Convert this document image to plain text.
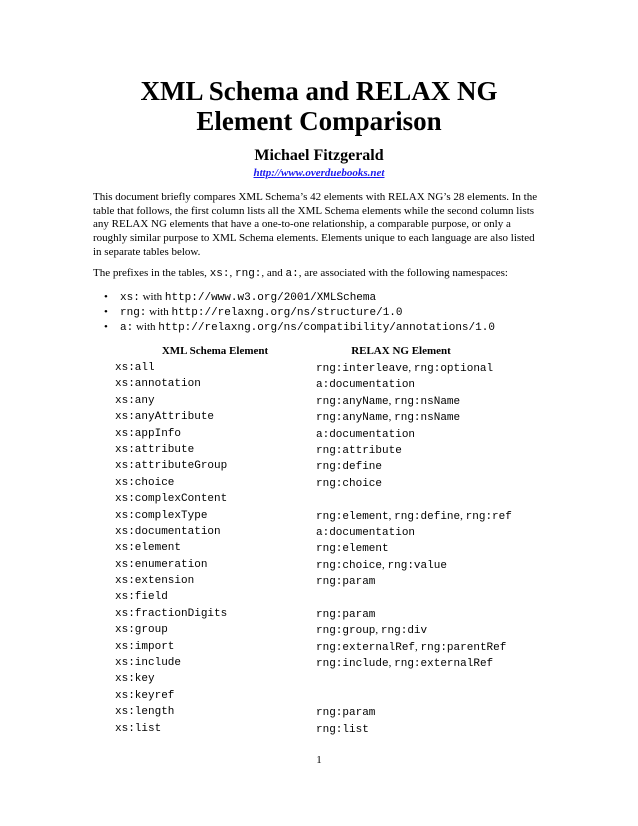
XML Schema and RELAX NG
Element Comparison
Michael Fitzgerald
http://www.overduebooks.net
This document briefly compares XML Schema’s 42 elements with RELAX NG’s 28 elements. In the table that follows, the first column lists all the XML Schema elements while the second column lists any RELAX NG elements that have a one-to-one relationship, a comparable purpose, or only a roughly similar purpose to XML Schema elements. Elements unique to each language are also listed in separate tables below.
The prefixes in the tables, xs:, rng:, and a:, are associated with the following namespaces:
• xs: with http://www.w3.org/2001/XMLSchema
• rng: with http://relaxng.org/ns/structure/1.0
• a: with http://relaxng.org/ns/compatibility/annotations/1.0
XML Schema Element	RELAX NG Element
xs:all	rng:interleave, rng:optional
xs:annotation	a:documentation
xs:any	rng:anyName, rng:nsName
xs:anyAttribute	rng:anyName, rng:nsName
xs:appInfo	a:documentation
xs:attribute	rng:attribute
xs:attributeGroup	rng:define
xs:choice	rng:choice
xs:complexContent
xs:complexType	rng:element, rng:define, rng:ref
xs:documentation	a:documentation
xs:element	rng:element
xs:enumeration	rng:choice, rng:value
xs:extension	rng:param
xs:field
xs:fractionDigits	rng:param
xs:group	rng:group, rng:div
xs:import	rng:externalRef, rng:parentRef
xs:include	rng:include, rng:externalRef
xs:key
xs:keyref
xs:length	rng:param
xs:list	rng:list
1
